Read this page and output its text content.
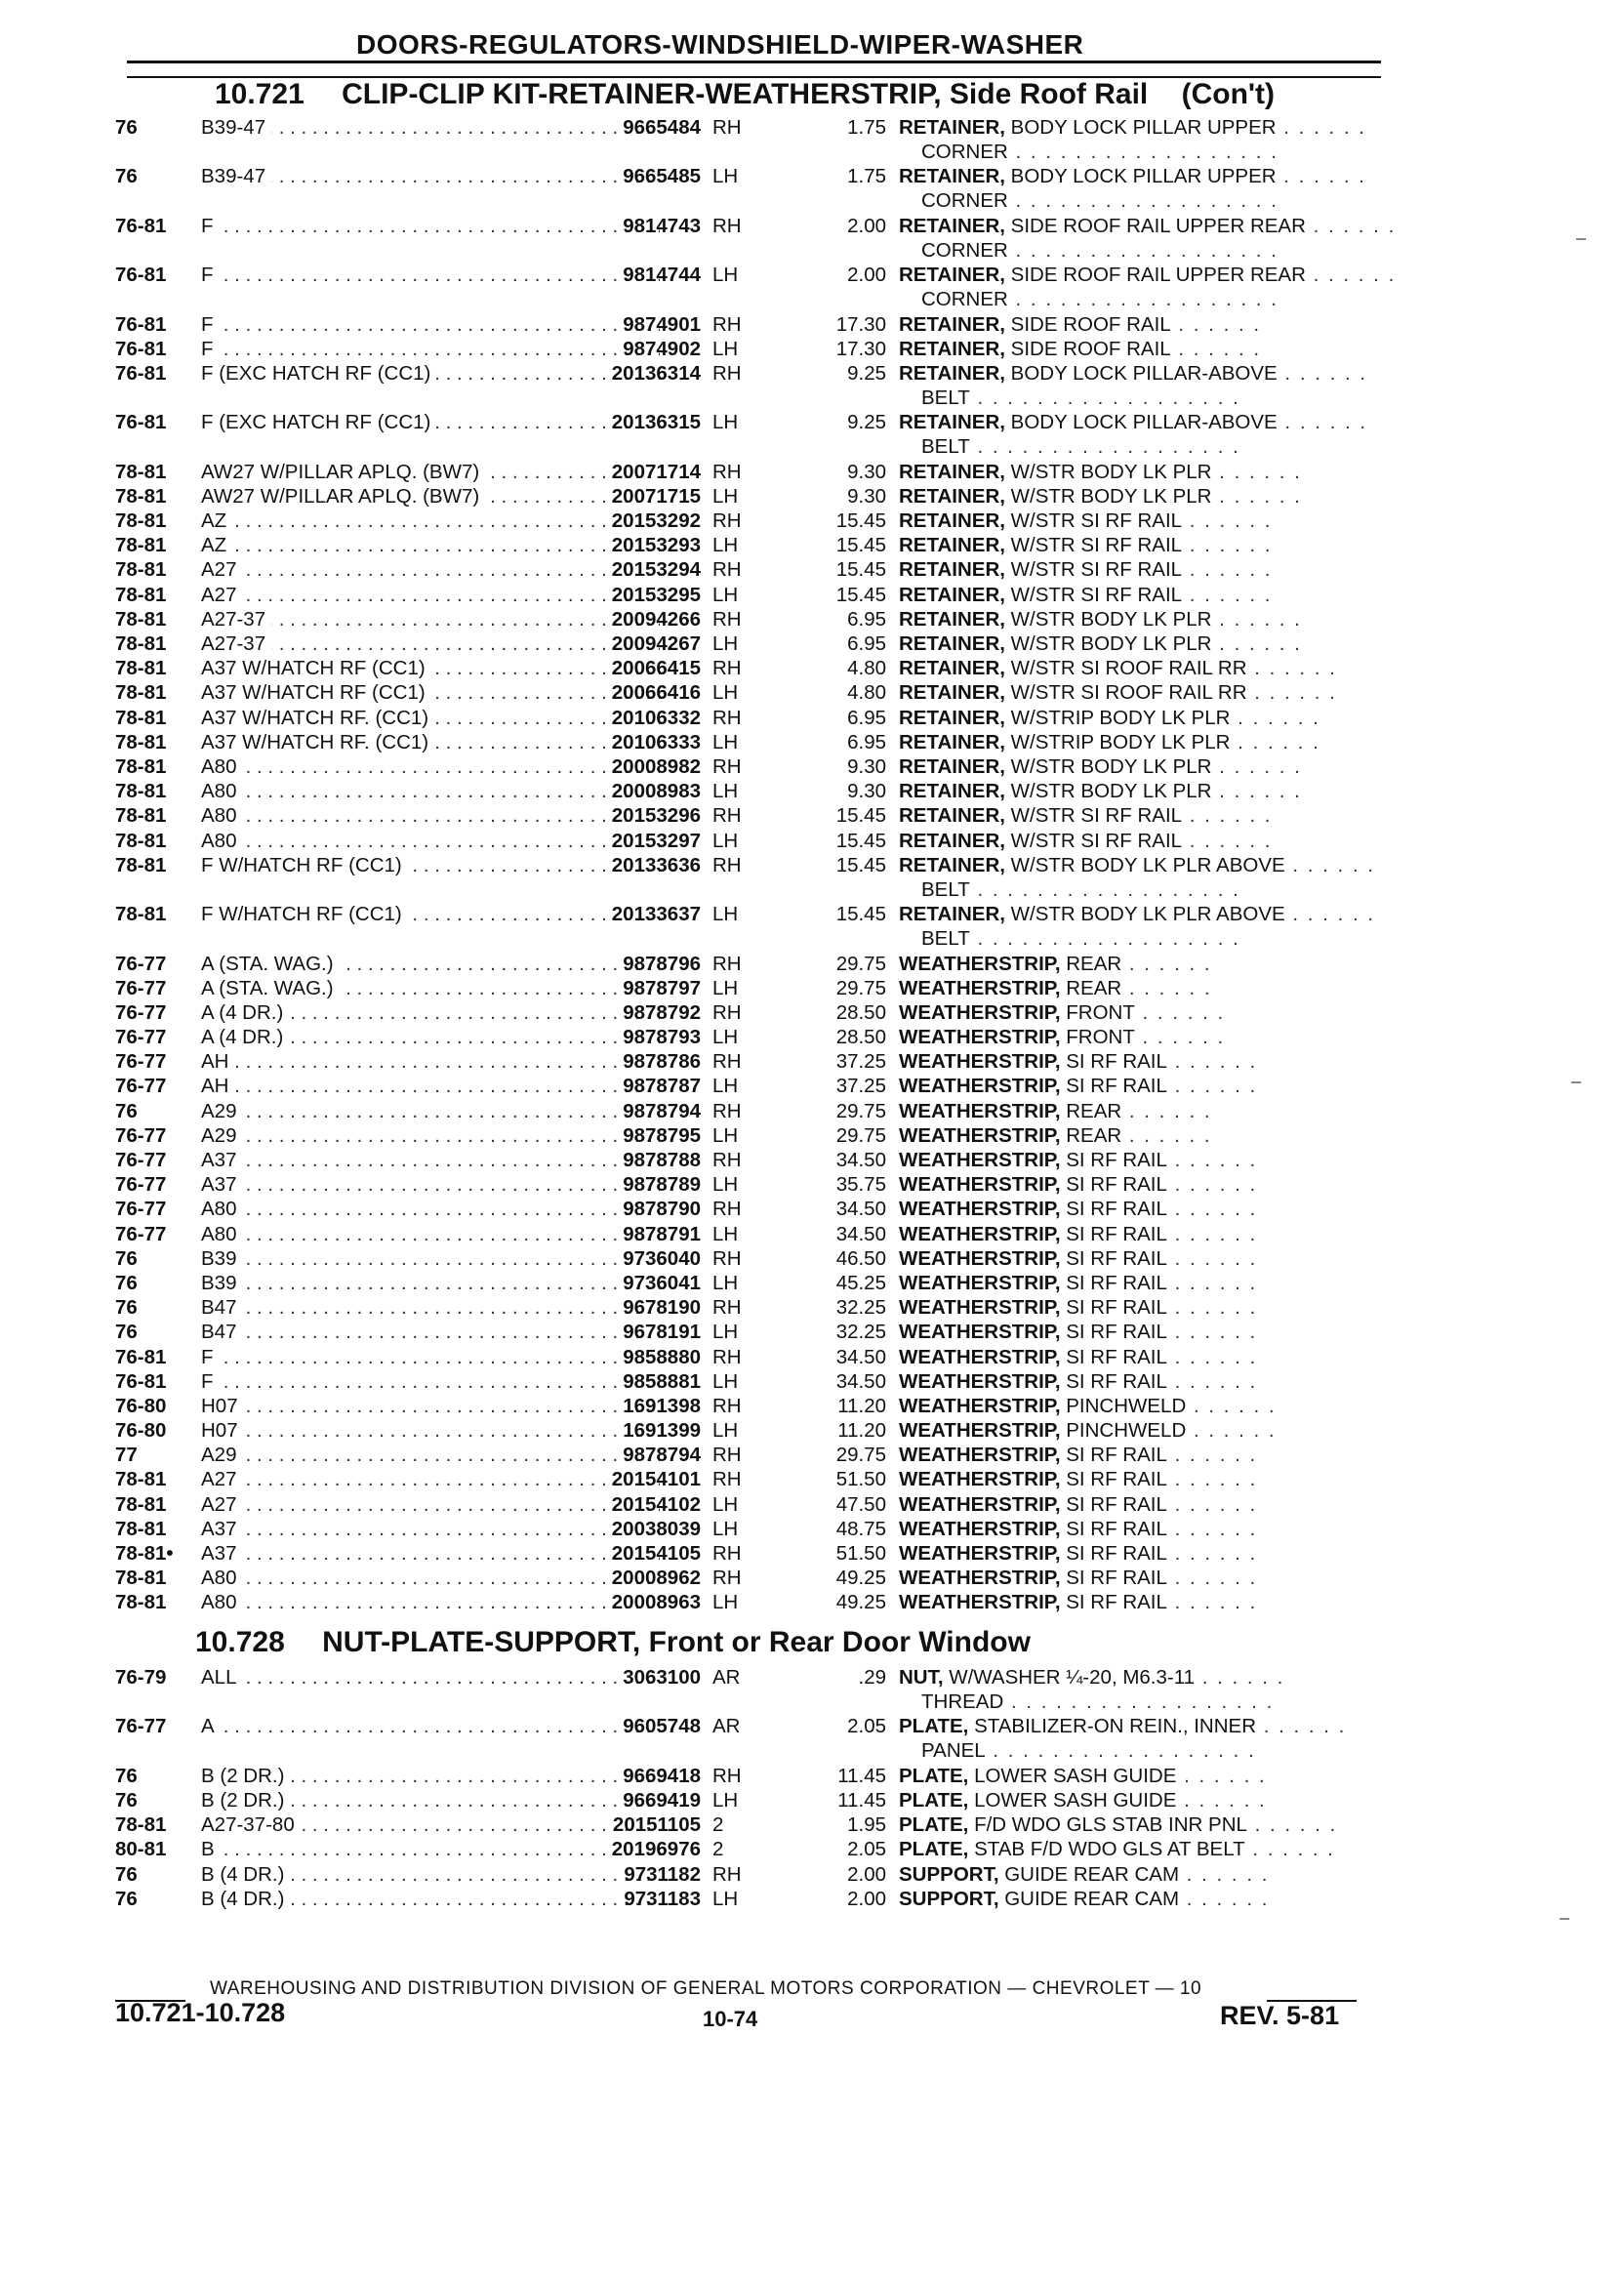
DOORS-REGULATORS-WINDSHIELD-WIPER-WASHER
10.721 CLIP-CLIP KIT-RETAINER-WEATHERSTRIP, Side Roof Rail (Con't)
76	B39-47 . . .	9665484 RH	1.75 RETAINER, BODY LOCK PILLAR UPPER . . . . . .
CORNER . . . . . . . . . . . . . . . . . .
76	B39-47 . . .	9665485 LH	1.75 RETAINER, BODY LOCK PILLAR UPPER . . . . . .
CORNER . . . . . . . . . . . . . . . . . .
76-81 F . . .	9814743 RH	2.00 RETAINER, SIDE ROOF RAIL UPPER REAR . . . . . .
CORNER . . . . . . . . . . . . . . . . . .
76-81 F . . .	9814744 LH	2.00 RETAINER, SIDE ROOF RAIL UPPER REAR . . . . . .
CORNER . . . . . . . . . . . . . . . . . .
76-81 F . . .	9874901 RH	17.30 RETAINER, SIDE ROOF RAIL . . . . . .
76-81 F . . .	9874902 LH	17.30 RETAINER, SIDE ROOF RAIL . . . . . .
76-81 F (EXC HATCH RF (CC1) . . .	20136314 RH	9.25 RETAINER, BODY LOCK PILLAR-ABOVE . . . . . .
BELT . . . . . . . . . . . . . . . . . .
76-81 F (EXC HATCH RF (CC1) . . .	20136315 LH	9.25 RETAINER, BODY LOCK PILLAR-ABOVE . . . . . .
BELT . . . . . . . . . . . . . . . . . .
78-81 AW27 W/PILLAR APLQ. (BW7) . . .	20071714 RH	9.30 RETAINER, W/STR BODY LK PLR . . . . . .
78-81 AW27 W/PILLAR APLQ. (BW7) . . .	20071715 LH	9.30 RETAINER, W/STR BODY LK PLR . . . . . .
78-81 AZ . . .	20153292 RH	15.45 RETAINER, W/STR SI RF RAIL . . . . . .
78-81 AZ . . .	20153293 LH	15.45 RETAINER, W/STR SI RF RAIL . . . . . .
78-81 A27 . . .	20153294 RH	15.45 RETAINER, W/STR SI RF RAIL . . . . . .
78-81 A27 . . .	20153295 LH	15.45 RETAINER, W/STR SI RF RAIL . . . . . .
78-81 A27-37 . . .	20094266 RH	6.95 RETAINER, W/STR BODY LK PLR . . . . . .
78-81 A27-37 . . .	20094267 LH	6.95 RETAINER, W/STR BODY LK PLR . . . . . .
78-81 A37 W/HATCH RF (CC1) . . .	20066415 RH	4.80 RETAINER, W/STR SI ROOF RAIL RR . . . . . .
78-81 A37 W/HATCH RF (CC1) . . .	20066416 LH	4.80 RETAINER, W/STR SI ROOF RAIL RR . . . . . .
78-81 A37 W/HATCH RF. (CC1) . . .	20106332 RH	6.95 RETAINER, W/STRIP BODY LK PLR . . . . . .
78-81 A37 W/HATCH RF. (CC1) . . .	20106333 LH	6.95 RETAINER, W/STRIP BODY LK PLR . . . . . .
78-81 A80 . . .	20008982 RH	9.30 RETAINER, W/STR BODY LK PLR . . . . . .
78-81 A80 . . .	20008983 LH	9.30 RETAINER, W/STR BODY LK PLR . . . . . .
78-81 A80 . . .	20153296 RH	15.45 RETAINER, W/STR SI RF RAIL . . . . . .
78-81 A80 . . .	20153297 LH	15.45 RETAINER, W/STR SI RF RAIL . . . . . .
78-81 F W/HATCH RF (CC1) . . .	20133636 RH	15.45 RETAINER, W/STR BODY LK PLR ABOVE . . . . . .
BELT . . . . . . . . . . . . . . . . . .
78-81 F W/HATCH RF (CC1) . . .	20133637 LH	15.45 RETAINER, W/STR BODY LK PLR ABOVE . . . . . .
BELT . . . . . . . . . . . . . . . . . .
76-77 A (STA. WAG.) . . .	9878796 RH	29.75 WEATHERSTRIP, REAR . . . . . .
76-77 A (STA. WAG.) . . .	9878797 LH	29.75 WEATHERSTRIP, REAR . . . . . .
76-77 A (4 DR.) . . .	9878792 RH	28.50 WEATHERSTRIP, FRONT . . . . . .
76-77 A (4 DR.) . . .	9878793 LH	28.50 WEATHERSTRIP, FRONT . . . . . .
76-77 AH . . .	9878786 RH	37.25 WEATHERSTRIP, SI RF RAIL . . . . . .
76-77 AH . . .	9878787 LH	37.25 WEATHERSTRIP, SI RF RAIL . . . . . .
76	A29 . . .	9878794 RH	29.75 WEATHERSTRIP, REAR . . . . . .
76-77 A29 . . .	9878795 LH	29.75 WEATHERSTRIP, REAR . . . . . .
76-77 A37 . . .	9878788 RH	34.50 WEATHERSTRIP, SI RF RAIL . . . . . .
76-77 A37 . . .	9878789 LH	35.75 WEATHERSTRIP, SI RF RAIL . . . . . .
76-77 A80 . . .	9878790 RH	34.50 WEATHERSTRIP, SI RF RAIL . . . . . .
76-77 A80 . . .	9878791 LH	34.50 WEATHERSTRIP, SI RF RAIL . . . . . .
76	B39 . . .	9736040 RH	46.50 WEATHERSTRIP, SI RF RAIL . . . . . .
76	B39 . . .	9736041 LH	45.25 WEATHERSTRIP, SI RF RAIL . . . . . .
76	B47 . . .	9678190 RH	32.25 WEATHERSTRIP, SI RF RAIL . . . . . .
76	B47 . . .	9678191 LH	32.25 WEATHERSTRIP, SI RF RAIL . . . . . .
76-81 F . . .	9858880 RH	34.50 WEATHERSTRIP, SI RF RAIL . . . . . .
76-81 F . . .	9858881 LH	34.50 WEATHERSTRIP, SI RF RAIL . . . . . .
76-80 H07 . . .	1691398 RH	11.20 WEATHERSTRIP, PINCHWELD . . . . . .
76-80 H07 . . .	1691399 LH	11.20 WEATHERSTRIP, PINCHWELD . . . . . .
77	A29 . . .	9878794 RH	29.75 WEATHERSTRIP, SI RF RAIL . . . . . .
78-81 A27 . . .	20154101 RH	51.50 WEATHERSTRIP, SI RF RAIL . . . . . .
78-81 A27 . . .	20154102 LH	47.50 WEATHERSTRIP, SI RF RAIL . . . . . .
78-81 A37 . . .	20038039 LH	48.75 WEATHERSTRIP, SI RF RAIL . . . . . .
78-81• A37 . . .	20154105 RH	51.50 WEATHERSTRIP, SI RF RAIL . . . . . .
78-81 A80 . . .	20008962 RH	49.25 WEATHERSTRIP, SI RF RAIL . . . . . .
78-81 A80 . . .	20008963 LH	49.25 WEATHERSTRIP, SI RF RAIL . . . . . .
10.728 NUT-PLATE-SUPPORT, Front or Rear Door Window
76-79 ALL . . .	3063100 AR	.29 NUT, W/WASHER ¼-20, M6.3-11 . . . . . .
THREAD . . . . . . . . . . . . . . . . . .
76-77 A . . .	9605748 AR	2.05 PLATE, STABILIZER-ON REIN., INNER . . . . . .
PANEL . . . . . . . . . . . . . . . . . .
76	B (2 DR.) . . .	9669418 RH	11.45 PLATE, LOWER SASH GUIDE . . . . . .
76	B (2 DR.) . . .	9669419 LH	11.45 PLATE, LOWER SASH GUIDE . . . . . .
78-81 A27-37-80 . . .	20151105 2	1.95 PLATE, F/D WDO GLS STAB INR PNL . . . . . .
80-81 B . . .	20196976 2	2.05 PLATE, STAB F/D WDO GLS AT BELT . . . . . .
76	B (4 DR.) . . .	9731182 RH	2.00 SUPPORT, GUIDE REAR CAM . . . . . .
76	B (4 DR.) . . .	9731183 LH	2.00 SUPPORT, GUIDE REAR CAM . . . . . .
WAREHOUSING AND DISTRIBUTION DIVISION OF GENERAL MOTORS CORPORATION — CHEVROLET — 10
10.721-10.728	10-74	REV. 5-81
